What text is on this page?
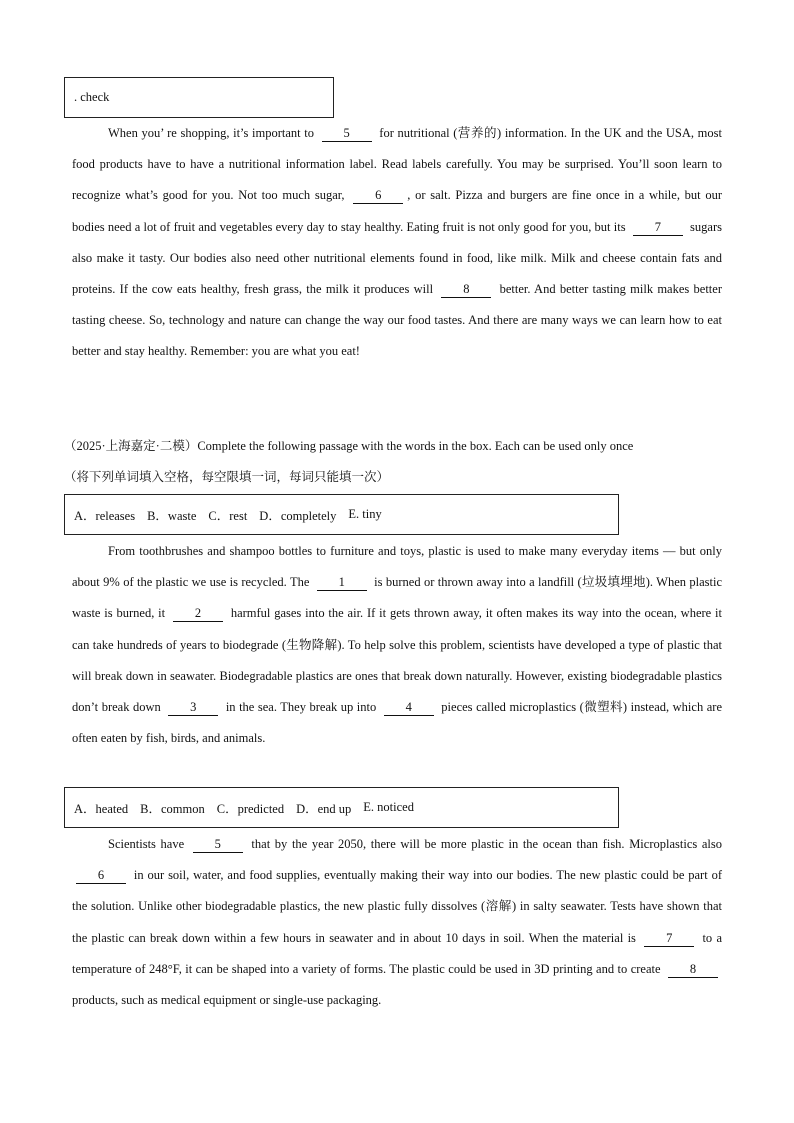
. check

When you’ re shopping, it’s important to 5 for nutritional (营养的) information. In the UK and the USA, most food products have to have a nutritional information label. Read labels carefully. You may be surprised. You’ll soon learn to recognize what’s good for you. Not too much sugar, 6 , or salt. Pizza and burgers are fine once in a while, but our bodies need a lot of fruit and vegetables every day to stay healthy. Eating fruit is not only good for you, but its 7 sugars also make it tasty. Our bodies also need other nutritional elements found in food, like milk. Milk and cheese contain fats and proteins. If the cow eats healthy, fresh grass, the milk it produces will 8 better. And better tasting milk makes better tasting cheese. So, technology and nature can change the way our food tastes. And there are many ways we can learn how to eat better and stay healthy. Remember: you are what you eat!

（2025·上海嘉定·二模）Complete the following passage with the words in the box. Each can be used only once
（将下列单词填入空格，每空限填一词，每词只能填一次）
A．releases B．waste C．rest D．completely E. tiny

From toothbrushes and shampoo bottles to furniture and toys, plastic is used to make many everyday items — but only about 9% of the plastic we use is recycled. The 1 is burned or thrown away into a landfill (垃圾填埋地). When plastic waste is burned, it 2 harmful gases into the air. If it gets thrown away, it often makes its way into the ocean, where it can take hundreds of years to biodegrade (生物降解). To help solve this problem, scientists have developed a type of plastic that will break down in seawater. Biodegradable plastics are ones that break down naturally. However, existing biodegradable plastics don’t break down 3 in the sea. They break up into 4 pieces called microplastics (微塑料) instead, which are often eaten by fish, birds, and animals.

A．heated B．common C．predicted D．end up E. noticed

Scientists have 5 that by the year 2050, there will be more plastic in the ocean than fish. Microplastics also 6 in our soil, water, and food supplies, eventually making their way into our bodies. The new plastic could be part of the solution. Unlike other biodegradable plastics, the new plastic fully dissolves (溶解) in salty seawater. Tests have shown that the plastic can break down within a few hours in seawater and in about 10 days in soil. When the material is 7 to a temperature of 248°F, it can be shaped into a variety of forms. The plastic could be used in 3D printing and to create 8 products, such as medical equipment or single-use packaging.
